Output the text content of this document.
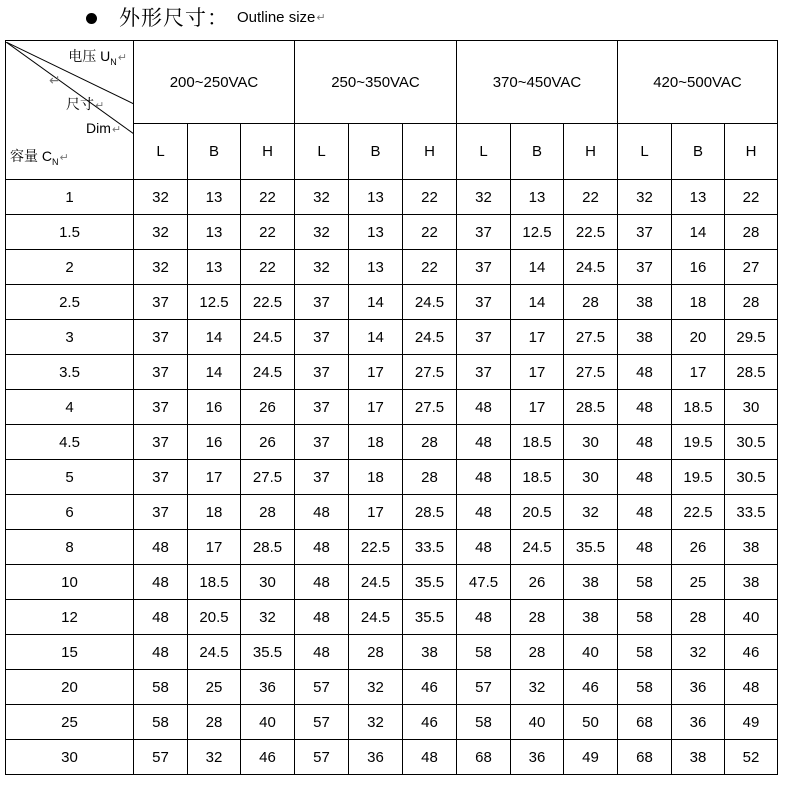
外形尺寸： Outline size ↵
电压 $U_N↵$
↵
尺寸↵
Dim↵
容量 $C_N↵$	200~250VAC			250~350VAC			370~450VAC			420~500VAC		
	L	B	H	L	B	H	L	B	H	L	B	H
1	32	13	22	32	13	22	32	13	22	32	13	22
1.5	32	13	22	32	13	22	37	12.5	22.5	37	14	28
2	32	13	22	32	13	22	37	14	24.5	37	16	27
2.5	37	12.5	22.5	37	14	24.5	37	14	28	38	18	28
3	37	14	24.5	37	14	24.5	37	17	27.5	38	20	29.5
3.5	37	14	24.5	37	17	27.5	37	17	27.5	48	17	28.5
4	37	16	26	37	17	27.5	48	17	28.5	48	18.5	30
4.5	37	16	26	37	18	28	48	18.5	30	48	19.5	30.5
5	37	17	27.5	37	18	28	48	18.5	30	48	19.5	30.5
6	37	18	28	48	17	28.5	48	20.5	32	48	22.5	33.5
8	48	17	28.5	48	22.5	33.5	48	24.5	35.5	48	26	38
10	48	18.5	30	48	24.5	35.5	47.5	26	38	58	25	38
12	48	20.5	32	48	24.5	35.5	48	28	38	58	28	40
15	48	24.5	35.5	48	28	38	58	28	40	58	32	46
20	58	25	36	57	32	46	57	32	46	58	36	48
25	58	28	40	57	32	46	58	40	50	68	36	49
30	57	32	46	57	36	48	68	36	49	68	38	52
